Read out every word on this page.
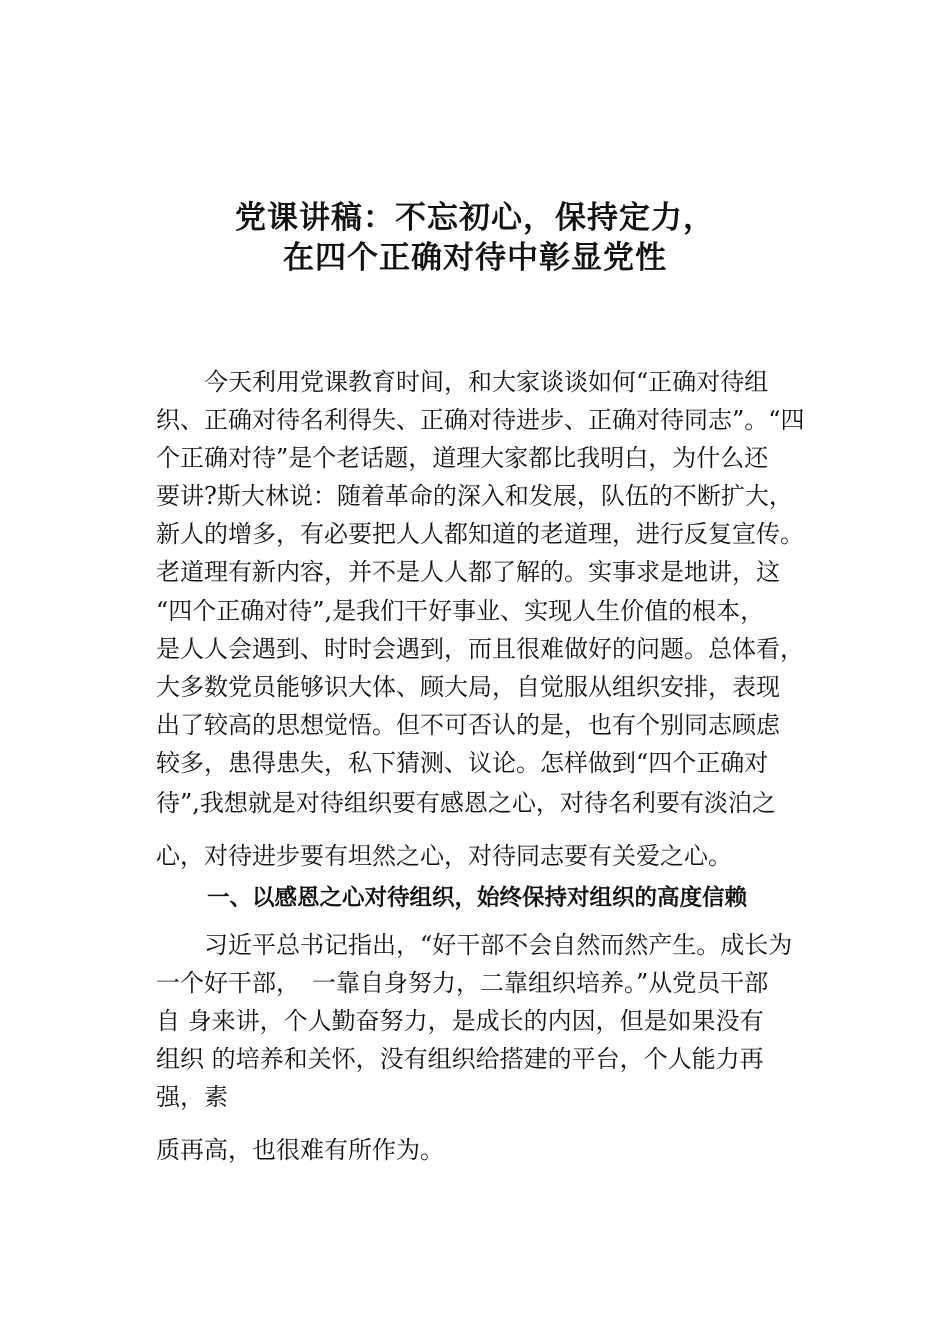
党课讲稿：不忘初心，保持定力，
在四个正确对待中彰显党性
　　今天利用党课教育时间，和大家谈谈如何“正确对待组
织、正确对待名利得失、正确对待进步、正确对待同志”。“四
个正确对待”是个老话题，道理大家都比我明白，为什么还
要讲?斯大林说：随着革命的深入和发展，队伍的不断扩大，
新人的增多，有必要把人人都知道的老道理，进行反复宣传。
老道理有新内容，并不是人人都了解的。实事求是地讲，这
“四个正确对待”,是我们干好事业、实现人生价值的根本，
是人人会遇到、时时会遇到，而且很难做好的问题。总体看，
大多数党员能够识大体、顾大局，自觉服从组织安排，表现
出了较高的思想觉悟。但不可否认的是，也有个别同志顾虑
较多，患得患失，私下猜测、议论。怎样做到“四个正确对
待”,我想就是对待组织要有感恩之心，对待名利要有淡泊之
心，对待进步要有坦然之心，对待同志要有关爱之心。
一、以感恩之心对待组织，始终保持对组织的高度信赖
　　习近平总书记指出，“好干部不会自然而然产生。成长为
一个好干部，　一靠自身努力，二靠组织培养。”从党员干部
自 身来讲，个人勤奋努力，是成长的内因，但是如果没有
组织 的培养和关怀，没有组织给搭建的平台，个人能力再
强，素
质再高，也很难有所作为。
